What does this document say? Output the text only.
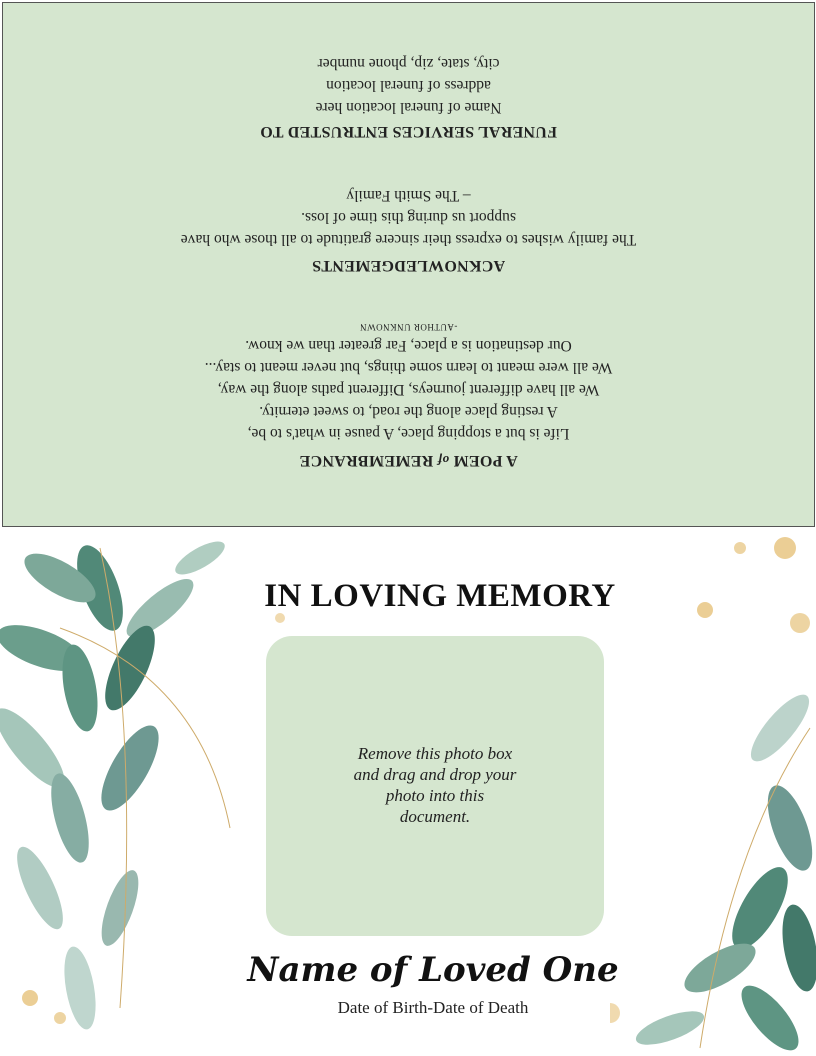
A POEM of REMEMBRANCE
Life is but a stopping place, A pause in what's to be,
A resting place along the road, to sweet eternity.
We all have different journeys, Different paths along the way,
We all were meant to learn some things, but never meant to stay...
Our destination is a place, Far greater than we know.
-AUTHOR UNKNOWN
ACKNOWLEDGEMENTS
The family wishes to express their sincere gratitude to all those who have
support us during this time of loss.
– The Smith Family
FUNERAL SERVICES ENTRUSTED TO
Name of funeral location here
address of funeral location
city, state, zip, phone number
IN LOVING MEMORY
Remove this photo box
and drag and drop your
photo into this
document.
Name of Loved One
Date of Birth-Date of Death
